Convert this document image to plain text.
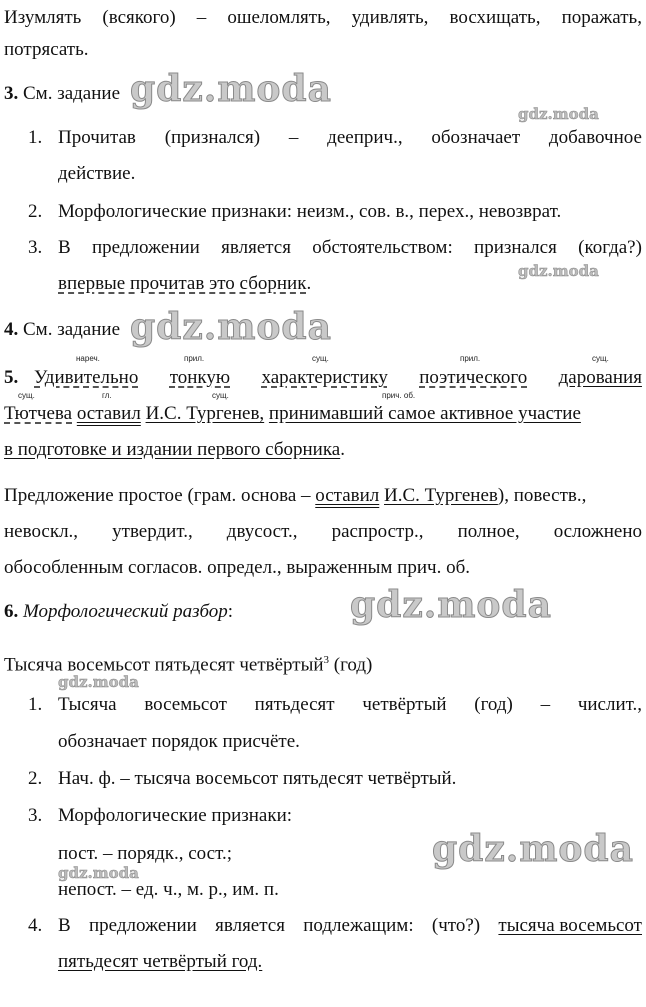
Изумлять (всякого) – ошеломлять, удивлять, восхищать, поражать,
потрясать.
3. См. задание gdz.moda
gdz.moda
1. Прочитав (признался) – дееприч., обозначает добавочное
действие.
2. Морфологические признаки: неизм., сов. в., перех., невозврат.
3. В предложении является обстоятельством: признался (когда?)
впервые прочитав это сборник.
gdz.moda
4. См. задание gdz.moda
нареч.	прил.	сущ.	прил.	сущ.
5. Удивительно тонкую характеристику поэтического дарования
сущ.	гл.	сущ.	прич. об.
Тютчева оставил И.С. Тургенев, принимавший самое активное участие
в подготовке и издании первого сборника.
Предложение простое (грам. основа – оставил И.С. Тургенев), повеств.,
невоскл., утвердит., двусост., распростр., полное, осложнено
обособленным согласов. определ., выраженным прич. об.
6. Морфологический разбор:	gdz.moda
Тысяча восемьсот пятьдесят четвёртый$^3$ (год)
gdz.moda
1. Тысяча восемьсот пятьдесят четвёртый (год) – числит.,
обозначает порядок присчёте.
2. Нач. ф. – тысяча восемьсот пятьдесят четвёртый.
3. Морфологические признаки:
пост. – порядк., сост.;	gdz.moda
gdz.moda
непост. – ед. ч., м. р., им. п.
4. В предложении является подлежащим: (что?) тысяча восемьсот
пятьдесят четвёртый год.
